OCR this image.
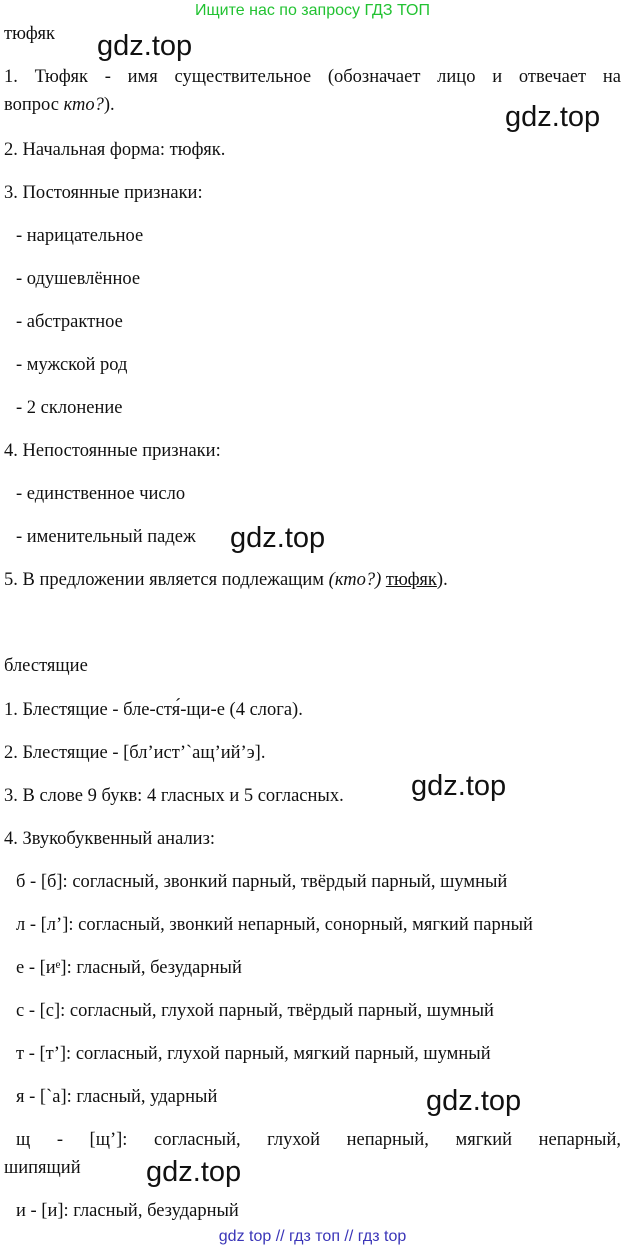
Ищите нас по запросу ГДЗ ТОП
тюфяк gdz.top
1. Тюфяк - имя существительное (обозначает лицо и отвечает на
вопрос кто?).	gdz.top
2. Начальная форма: тюфяк.
3. Постоянные признаки:
- нарицательное
- одушевлённое
- абстрактное
- мужской род
- 2 склонение
4. Непостоянные признаки:
- единственное число
- именительный падеж gdz.top
5. В предложении является подлежащим (кто?) тюфяк).
блестящие
1. Блестящие - бле-стя́-щи-е (4 слога).
2. Блестящие - [бл’ист’`ащ’ий’э].
3. В слове 9 букв: 4 гласных и 5 согласных. gdz.top
4. Звукобуквенный анализ:
б - [б]: согласный, звонкий парный, твёрдый парный, шумный
л - [л’]: согласный, звонкий непарный, сонорный, мягкий парный
е - [иᵉ]: гласный, безударный
с - [с]: согласный, глухой парный, твёрдый парный, шумный
т - [т’]: согласный, глухой парный, мягкий парный, шумный
я - [`а]: гласный, ударный	gdz.top
щ - [щ’]: согласный, глухой непарный, мягкий непарный,
шипящий gdz.top
и - [и]: гласный, безударный
gdz top // гдз топ // гдз top
